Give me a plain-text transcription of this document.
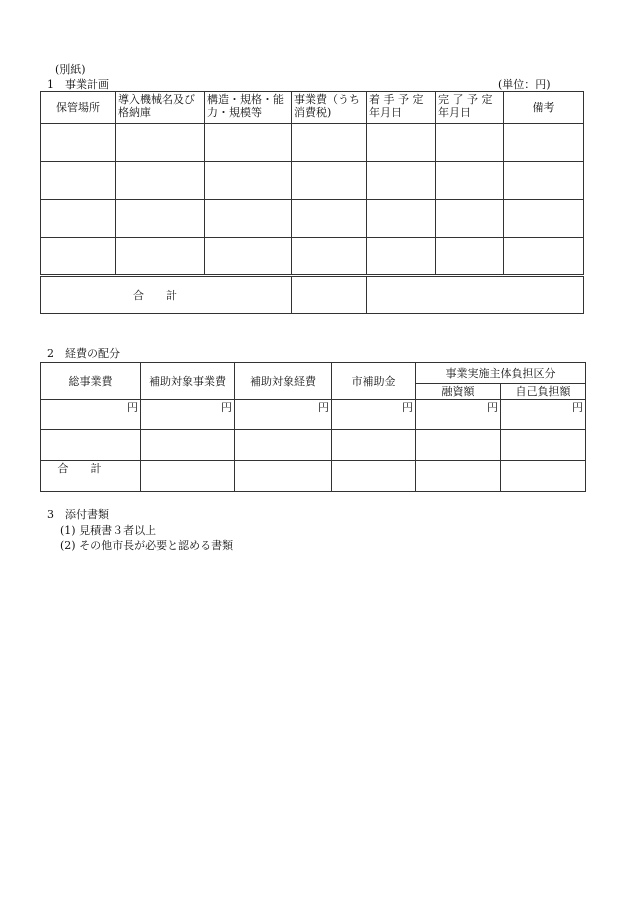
(別紙)
1　事業計画	(単位：円)
保管場所	導入機械名及び格納庫	構造・規格・能力・規模等	事業費（うち消費税)	着 手 予 定年月日	完 了 予 定年月日	備考

合計						
2　経費の配分
総事業費	補助対象事業費	補助対象経費	市補助金	事業実施主体負担区分	
				融資額	自己負担額
円	円	円	円	円	円

合計					
3　添付書類
(1) 見積書３者以上
(2) その他市長が必要と認める書類
